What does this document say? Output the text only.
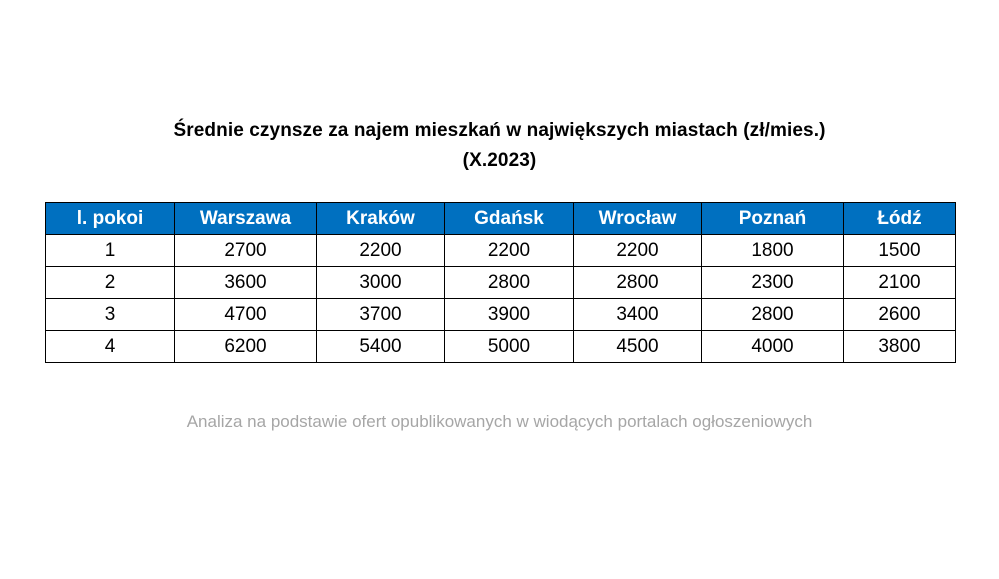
Średnie czynsze za najem mieszkań w największych miastach (zł/mies.)
(X.2023)
l. pokoi	Warszawa	Kraków	Gdańsk	Wrocław	Poznań	Łódź
1	2700	2200	2200	2200	1800	1500
2	3600	3000	2800	2800	2300	2100
3	4700	3700	3900	3400	2800	2600
4	6200	5400	5000	4500	4000	3800
Analiza na podstawie ofert opublikowanych w wiodących portalach ogłoszeniowych
